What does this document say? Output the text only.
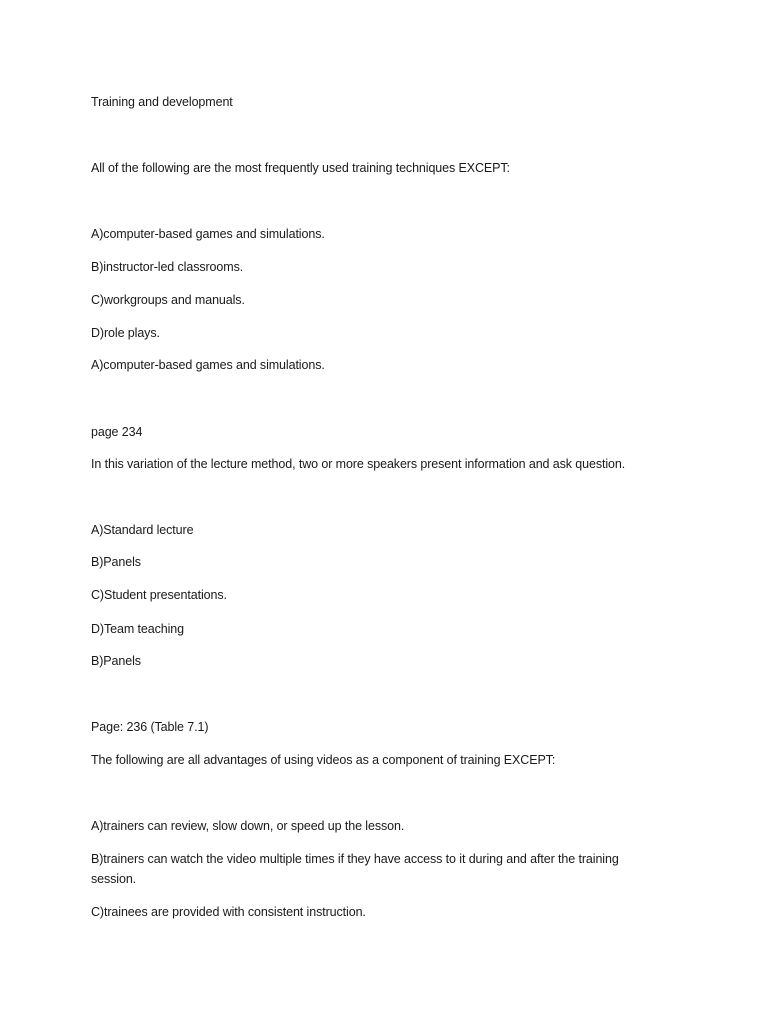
Training and development
All of the following are the most frequently used training techniques EXCEPT:
A)computer-based games and simulations.
B)instructor-led classrooms.
C)workgroups and manuals.
D)role plays.
A)computer-based games and simulations.
page 234
In this variation of the lecture method, two or more speakers present information and ask question.
A)Standard lecture
B)Panels
C)Student presentations.
D)Team teaching
B)Panels
Page: 236 (Table 7.1)
The following are all advantages of using videos as a component of training EXCEPT:
A)trainers can review, slow down, or speed up the lesson.
B)trainers can watch the video multiple times if they have access to it during and after the training session.
C)trainees are provided with consistent instruction.
